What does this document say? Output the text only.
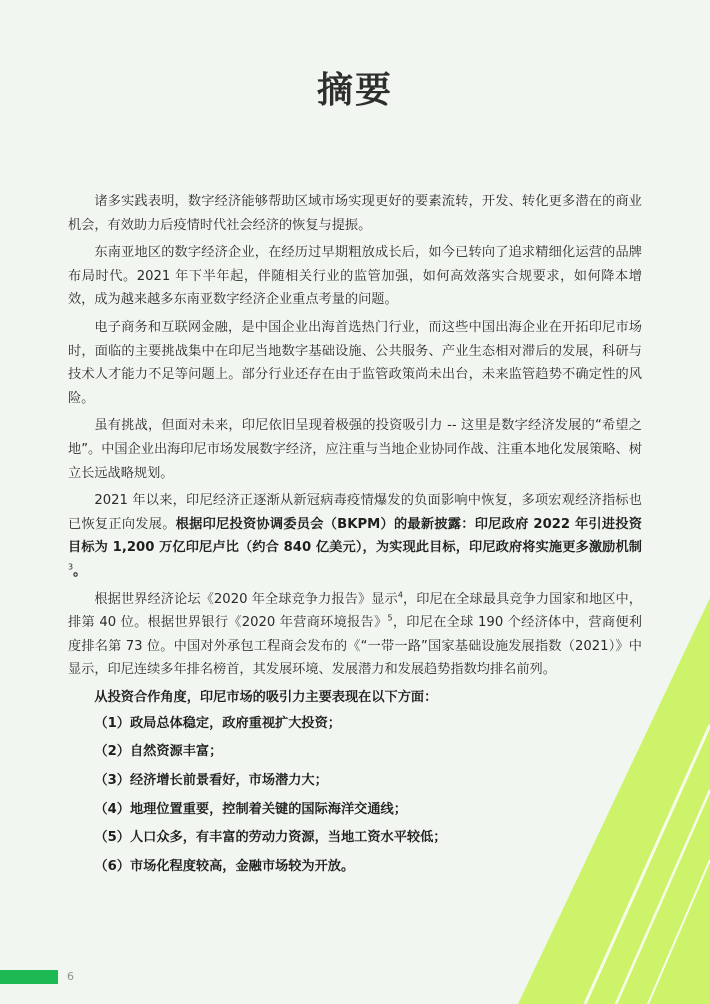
摘要

诸多实践表明，数字经济能够帮助区域市场实现更好的要素流转，开发、转化更多潜在的商业机会，有效助力后疫情时代社会经济的恢复与提振。

东南亚地区的数字经济企业，在经历过早期粗放成长后，如今已转向了追求精细化运营的品牌布局时代。2021 年下半年起，伴随相关行业的监管加强，如何高效落实合规要求，如何降本增效，成为越来越多东南亚数字经济企业重点考量的问题。

电子商务和互联网金融，是中国企业出海首选热门行业，而这些中国出海企业在开拓印尼市场时，面临的主要挑战集中在印尼当地数字基础设施、公共服务、产业生态相对滞后的发展，科研与技术人才能力不足等问题上。部分行业还存在由于监管政策尚未出台，未来监管趋势不确定性的风险。

虽有挑战，但面对未来，印尼依旧呈现着极强的投资吸引力 -- 这里是数字经济发展的“希望之地”。中国企业出海印尼市场发展数字经济，应注重与当地企业协同作战、注重本地化发展策略、树立长远战略规划。

2021 年以来，印尼经济正逐渐从新冠病毒疫情爆发的负面影响中恢复，多项宏观经济指标也已恢复正向发展。根据印尼投资协调委员会（BKPM）的最新披露：印尼政府 2022 年引进投资目标为 1,200 万亿印尼卢比（约合 840 亿美元），为实现此目标，印尼政府将实施更多激励机制$^3$。

根据世界经济论坛《2020 年全球竞争力报告》显示$^4$，印尼在全球最具竞争力国家和地区中，排第 40 位。根据世界银行《2020 年营商环境报告》$^5$，印尼在全球 190 个经济体中，营商便利度排名第 73 位。中国对外承包工程商会发布的《“一带一路”国家基础设施发展指数（2021）》中显示，印尼连续多年排名榜首，其发展环境、发展潜力和发展趋势指数均排名前列。

从投资合作角度，印尼市场的吸引力主要表现在以下方面：
（1）政局总体稳定，政府重视扩大投资；
（2）自然资源丰富；
（3）经济增长前景看好，市场潜力大；
（4）地理位置重要，控制着关键的国际海洋交通线；
（5）人口众多，有丰富的劳动力资源，当地工资水平较低；
（6）市场化程度较高，金融市场较为开放。
6
